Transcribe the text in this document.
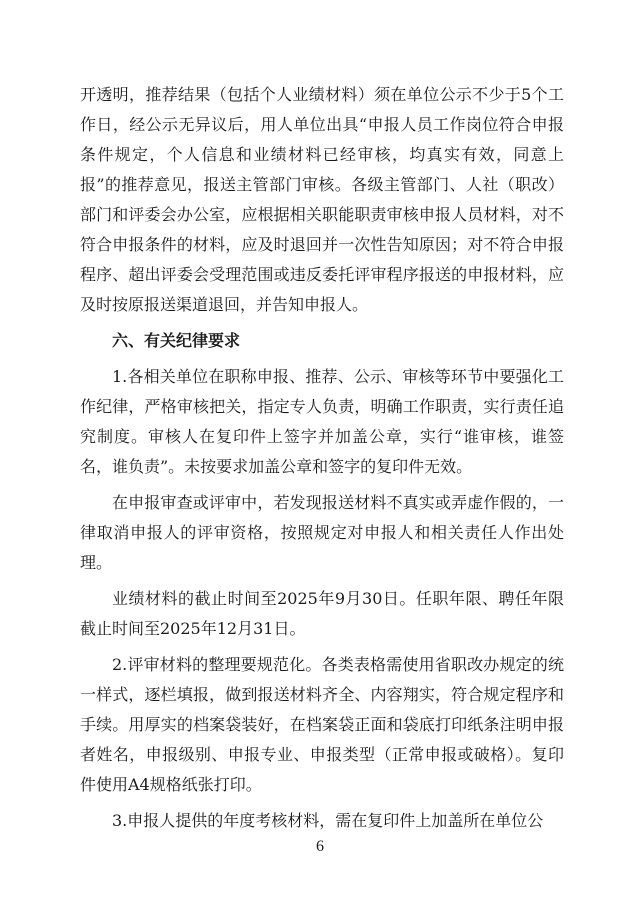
开透明，推荐结果（包括个人业绩材料）须在单位公示不少于5个工作日，经公示无异议后，用人单位出具“申报人员工作岗位符合申报条件规定，个人信息和业绩材料已经审核，均真实有效，同意上报”的推荐意见，报送主管部门审核。各级主管部门、人社（职改）部门和评委会办公室，应根据相关职能职责审核申报人员材料，对不符合申报条件的材料，应及时退回并一次性告知原因；对不符合申报程序、超出评委会受理范围或违反委托评审程序报送的申报材料，应及时按原报送渠道退回，并告知申报人。

六、有关纪律要求

1.各相关单位在职称申报、推荐、公示、审核等环节中要强化工作纪律，严格审核把关，指定专人负责，明确工作职责，实行责任追究制度。审核人在复印件上签字并加盖公章，实行“谁审核，谁签名，谁负责”。未按要求加盖公章和签字的复印件无效。

在申报审查或评审中，若发现报送材料不真实或弄虚作假的，一律取消申报人的评审资格，按照规定对申报人和相关责任人作出处理。

业绩材料的截止时间至2025年9月30日。任职年限、聘任年限截止时间至2025年12月31日。

2.评审材料的整理要规范化。各类表格需使用省职改办规定的统一样式，逐栏填报，做到报送材料齐全、内容翔实，符合规定程序和手续。用厚实的档案袋装好，在档案袋正面和袋底打印纸条注明申报者姓名，申报级别、申报专业、申报类型（正常申报或破格）。复印件使用A4规格纸张打印。

3.申报人提供的年度考核材料，需在复印件上加盖所在单位公

6
